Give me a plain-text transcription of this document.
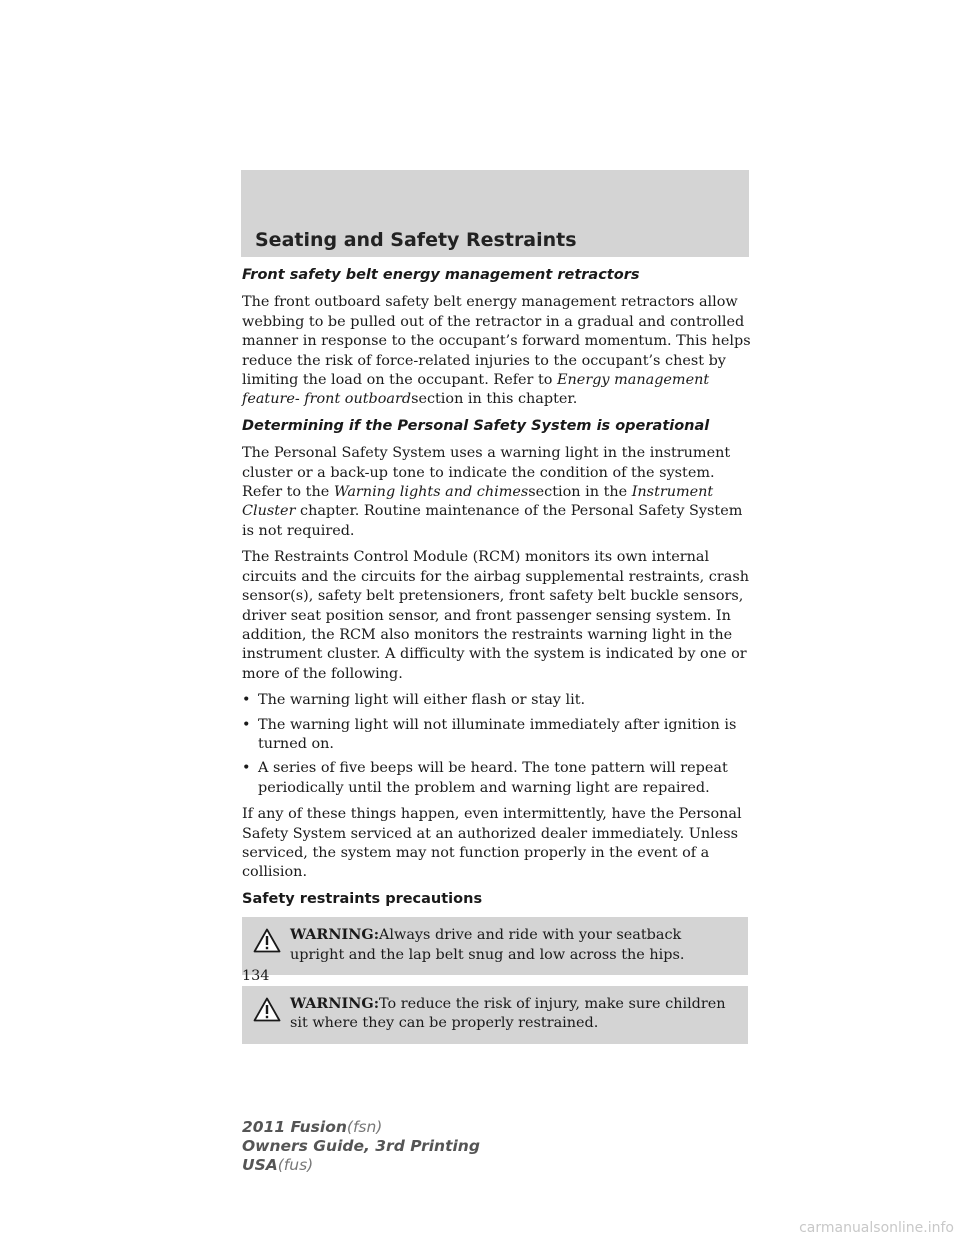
Seating and Safety Restraints
Front safety belt energy management retractors

The front outboard safety belt energy management retractors allow webbing to be pulled out of the retractor in a gradual and controlled manner in response to the occupant’s forward momentum. This helps reduce the risk of force-related injuries to the occupant’s chest by limiting the load on the occupant. Refer to Energy management feature- front outboardsection in this chapter.

Determining if the Personal Safety System is operational

The Personal Safety System uses a warning light in the instrument cluster or a back-up tone to indicate the condition of the system. Refer to the Warning lights and chimessection in the Instrument Cluster chapter. Routine maintenance of the Personal Safety System is not required.

The Restraints Control Module (RCM) monitors its own internal circuits and the circuits for the airbag supplemental restraints, crash sensor(s), safety belt pretensioners, front safety belt buckle sensors, driver seat position sensor, and front passenger sensing system. In addition, the RCM also monitors the restraints warning light in the instrument cluster. A difficulty with the system is indicated by one or more of the following.

• The warning light will either flash or stay lit.
• The warning light will not illuminate immediately after ignition is turned on.
• A series of five beeps will be heard. The tone pattern will repeat periodically until the problem and warning light are repaired.

If any of these things happen, even intermittently, have the Personal Safety System serviced at an authorized dealer immediately. Unless serviced, the system may not function properly in the event of a collision.

Safety restraints precautions
WARNING:Always drive and ride with your seatback upright and the lap belt snug and low across the hips.
WARNING:To reduce the risk of injury, make sure children sit where they can be properly restrained.
134
2011 Fusion(fsn)
Owners Guide, 3rd Printing
USA(fus)
carmanualsonline.info
